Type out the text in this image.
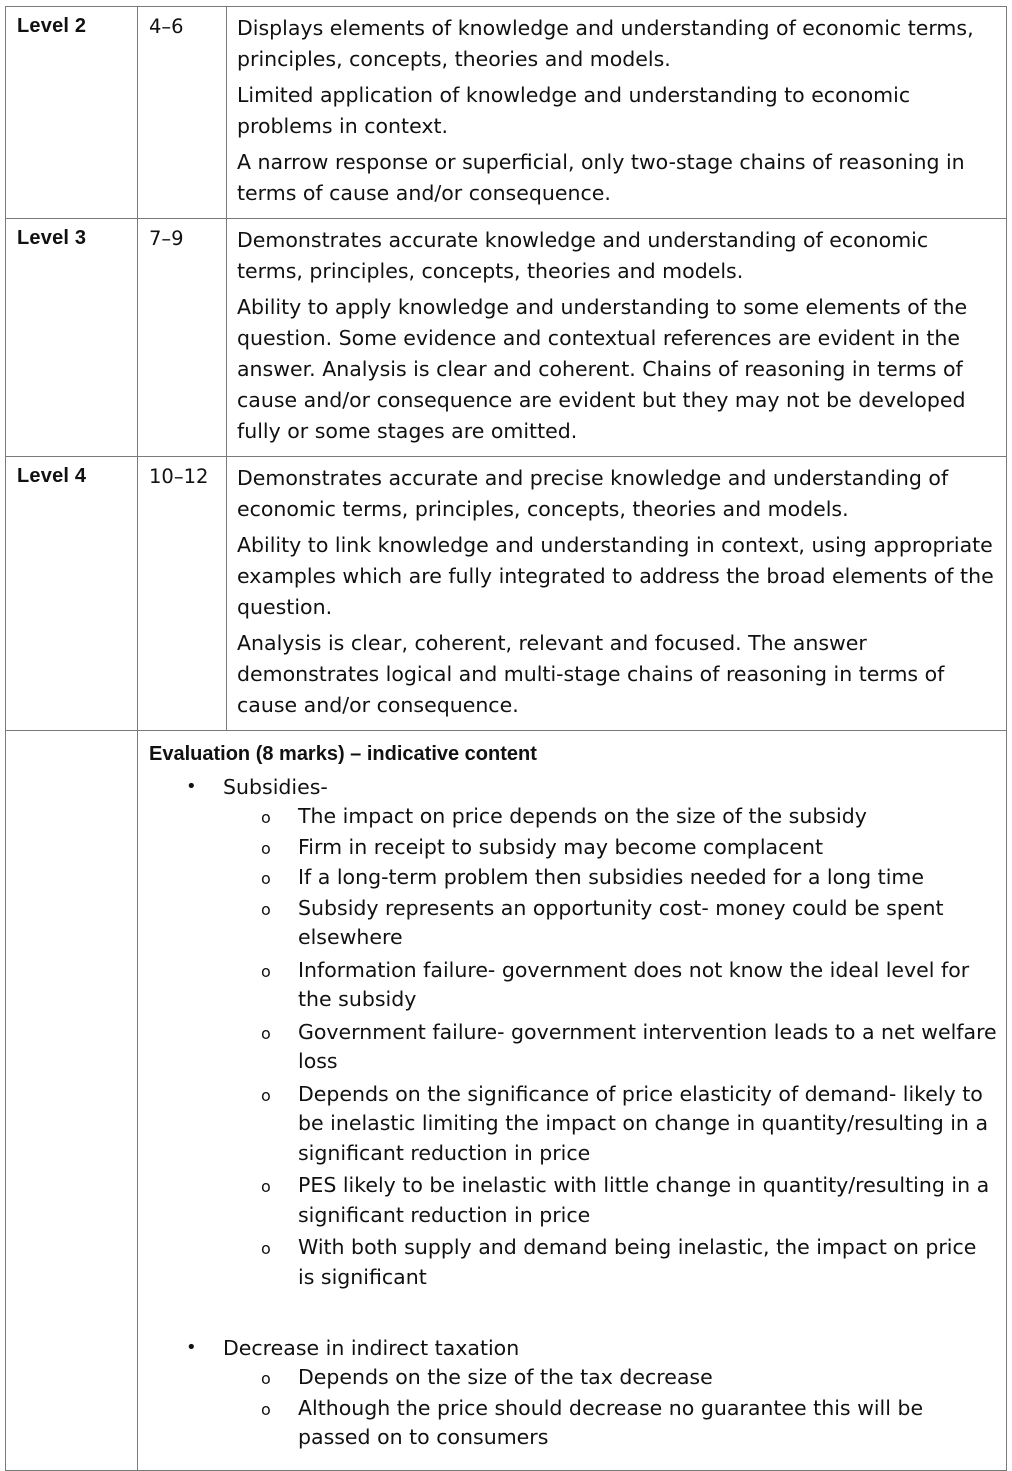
Level 2	4–6	Displays elements of knowledge and understanding of economic terms, principles, concepts, theories and models.

Limited application of knowledge and understanding to economic problems in context.

A narrow response or superficial, only two-stage chains of reasoning in terms of cause and/or consequence.

Level 3	7–9	Demonstrates accurate knowledge and understanding of economic terms, principles, concepts, theories and models.

Ability to apply knowledge and understanding to some elements of the question. Some evidence and contextual references are evident in the answer. Analysis is clear and coherent. Chains of reasoning in terms of cause and/or consequence are evident but they may not be developed fully or some stages are omitted.

Level 4	10–12	Demonstrates accurate and precise knowledge and understanding of economic terms, principles, concepts, theories and models.

Ability to link knowledge and understanding in context, using appropriate examples which are fully integrated to address the broad elements of the question.

Analysis is clear, coherent, relevant and focused. The answer demonstrates logical and multi-stage chains of reasoning in terms of cause and/or consequence.

Evaluation (8 marks) – indicative content
• Subsidies-
o The impact on price depends on the size of the subsidy
o Firm in receipt to subsidy may become complacent
o If a long-term problem then subsidies needed for a long time
o Subsidy represents an opportunity cost- money could be spent elsewhere
o Information failure- government does not know the ideal level for the subsidy
o Government failure- government intervention leads to a net welfare loss
o Depends on the significance of price elasticity of demand- likely to be inelastic limiting the impact on change in quantity/resulting in a significant reduction in price
o PES likely to be inelastic with little change in quantity/resulting in a significant reduction in price
o With both supply and demand being inelastic, the impact on price is significant
• Decrease in indirect taxation
o Depends on the size of the tax decrease
o Although the price should decrease no guarantee this will be passed on to consumers
